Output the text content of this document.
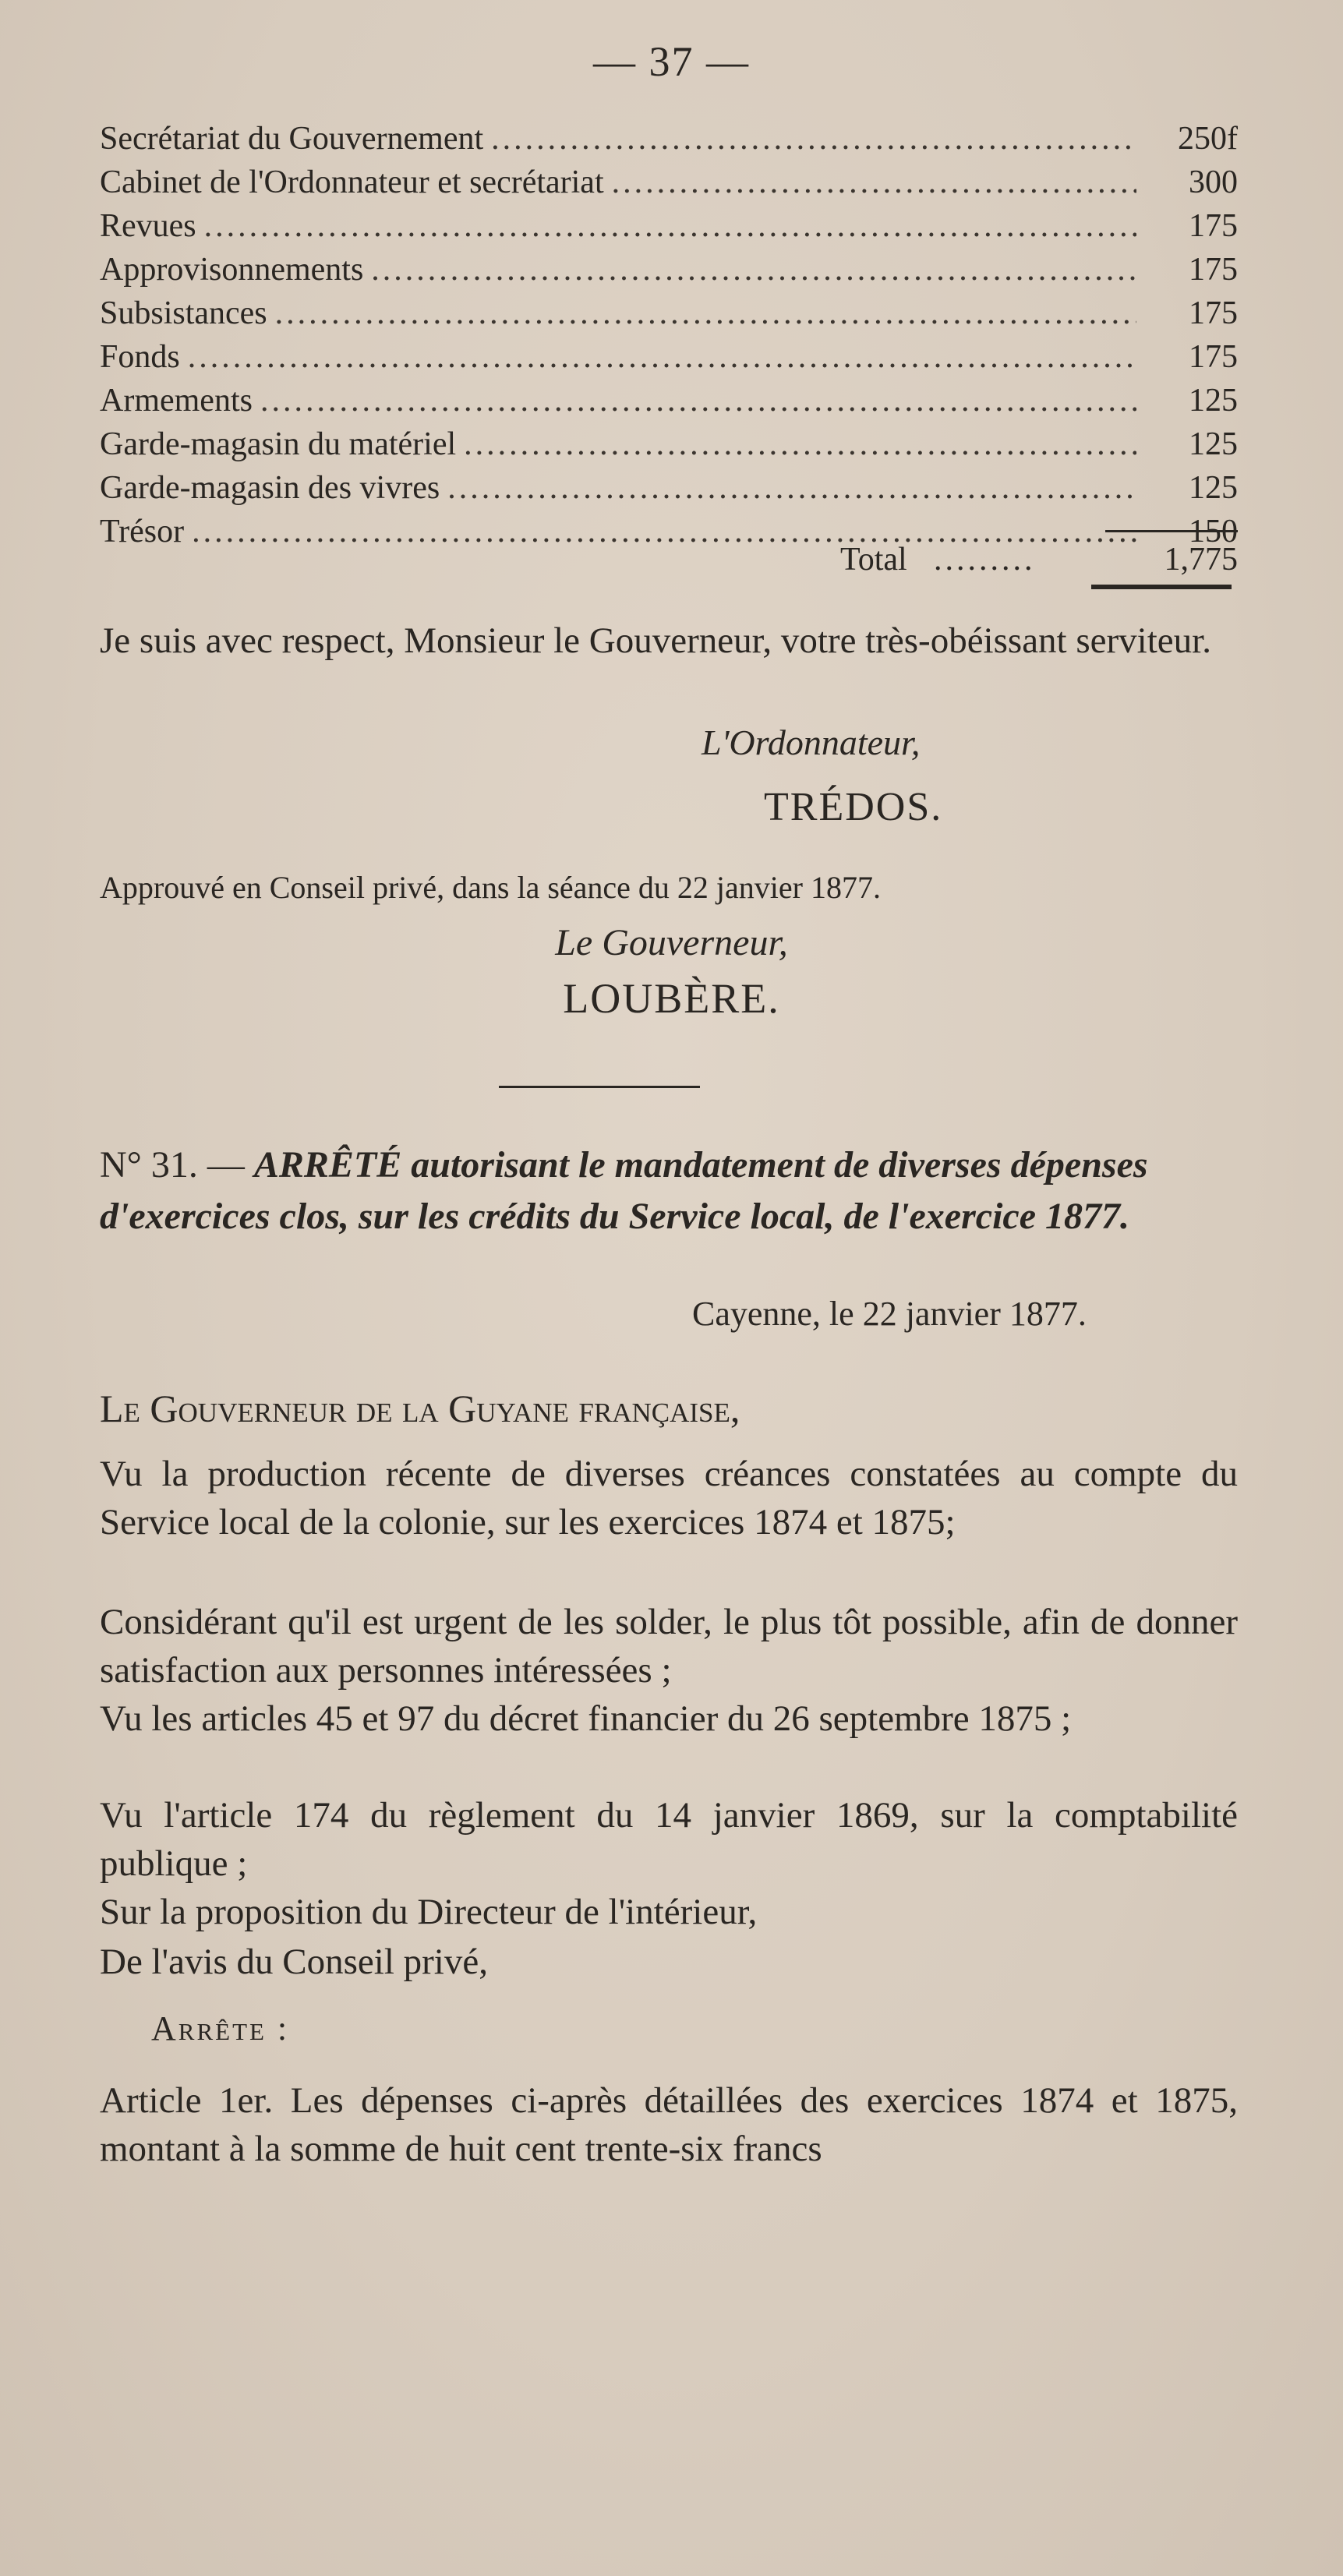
— 37 —
Secrétariat du Gouvernement .....	250f
Cabinet de l'Ordonnateur et secrétariat .....	300
Revues .....	175
Approvisonnements .....	175
Subsistances .....	175
Fonds .....	175
Armements .....	125
Garde-magasin du matériel .....	125
Garde-magasin des vivres .....	125
Trésor .....	150
Total .........	1,775
Je suis avec respect, Monsieur le Gouverneur, votre très-obéissant serviteur.
L'Ordonnateur,
TRÉDOS.
Approuvé en Conseil privé, dans la séance du 22 janvier 1877.
Le Gouverneur,
LOUBÈRE.
N° 31. — ARRÊTÉ autorisant le mandatement de diverses dépenses d'exercices clos, sur les crédits du Service local, de l'exercice 1877.
Cayenne, le 22 janvier 1877.
Le Gouverneur de la Guyane française,
Vu la production récente de diverses créances constatées au compte du Service local de la colonie, sur les exercices 1874 et 1875;
Considérant qu'il est urgent de les solder, le plus tôt possible, afin de donner satisfaction aux personnes intéressées ;
Vu les articles 45 et 97 du décret financier du 26 septembre 1875 ;
Vu l'article 174 du règlement du 14 janvier 1869, sur la comptabilité publique ;
Sur la proposition du Directeur de l'intérieur,
De l'avis du Conseil privé,
Arrête :
Article 1er. Les dépenses ci-après détaillées des exercices 1874 et 1875, montant à la somme de huit cent trente-six francs
